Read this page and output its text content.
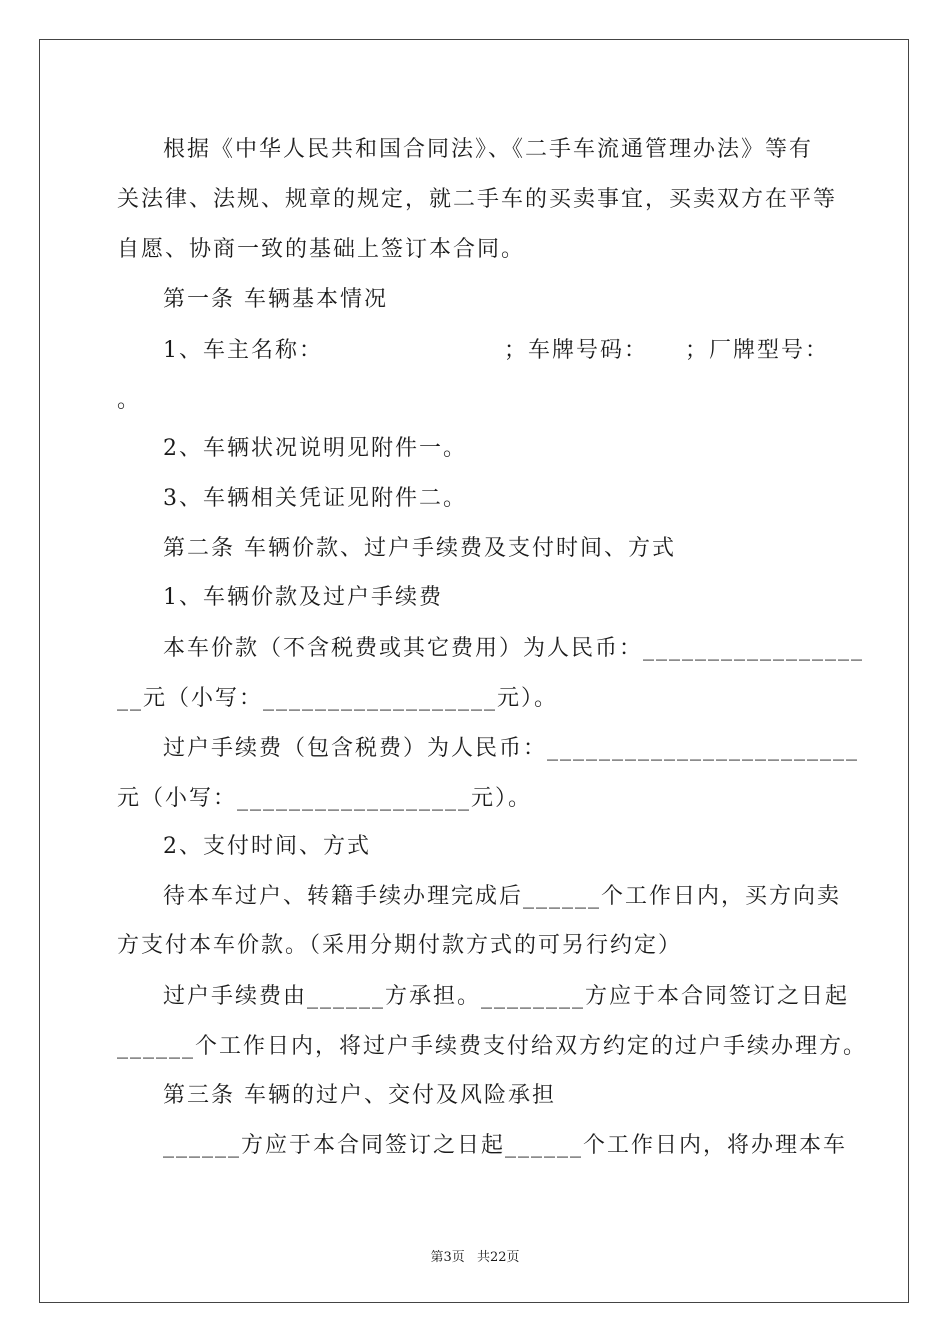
根据《中华人民共和国合同法》、《二手车流通管理办法》等有
关法律、法规、规章的规定，就二手车的买卖事宜，买卖双方在平等
自愿、协商一致的基础上签订本合同。
第一条 车辆基本情况
1、车主名称：　　　　　　　　；车牌号码：　　；厂牌型号：
。
2、车辆状况说明见附件一。
3、车辆相关凭证见附件二。
第二条 车辆价款、过户手续费及支付时间、方式
1、车辆价款及过户手续费
本车价款（不含税费或其它费用）为人民币：_________________
__元（小写：__________________元）。
过户手续费（包含税费）为人民币：________________________
元（小写：__________________元）。
2、支付时间、方式
待本车过户、转籍手续办理完成后______个工作日内，买方向卖
方支付本车价款。（采用分期付款方式的可另行约定）
过户手续费由______方承担。________方应于本合同签订之日起
______个工作日内，将过户手续费支付给双方约定的过户手续办理方。
第三条 车辆的过户、交付及风险承担
______方应于本合同签订之日起______个工作日内，将办理本车
第3页 共22页
